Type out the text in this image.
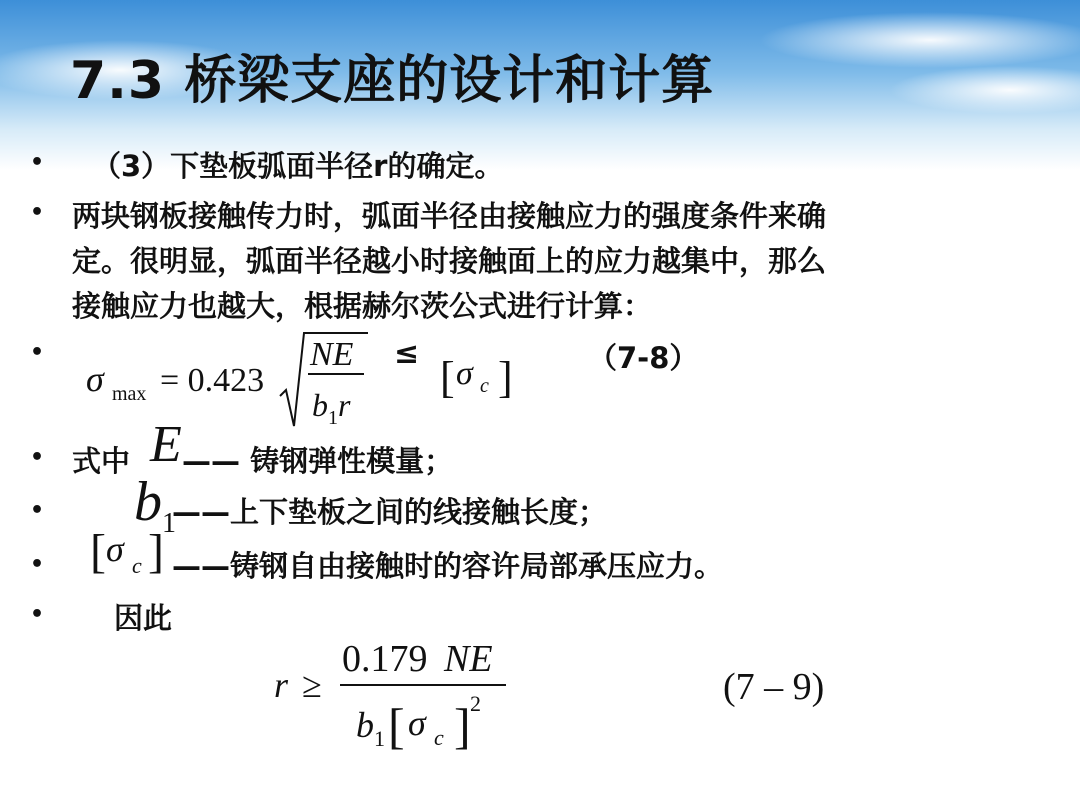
7.3 桥梁支座的设计和计算
• （3）下垫板弧面半径r的确定。
• 两块钢板接触传力时，弧面半径由接触应力的强度条件来确
定。很明显，弧面半径越小时接触面上的应力越集中，那么
接触应力也越大，根据赫尔茨公式进行计算：
•
σ max = 0.423
NE
b 1 r
≤ [ σ c ]	（7-8）
• 式中 E —— 铸钢弹性模量；
• b 1
——上下垫板之间的线接触长度；
• [ σ c ] ——铸钢自由接触时的容许局部承压应力。
• 因此
r ≥
0.179 NE
b 1 [ σ c ] 2	(7 – 9)
